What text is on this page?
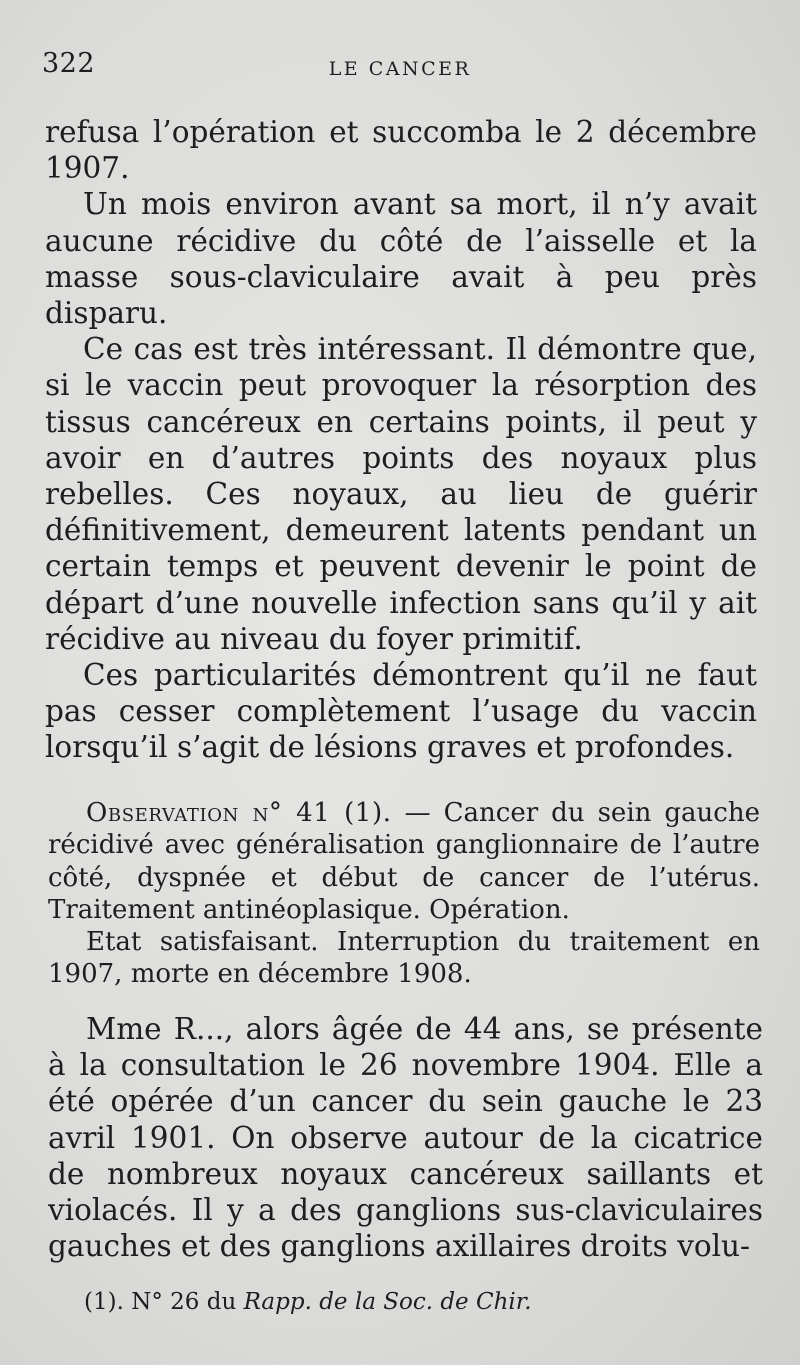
322	LE CANCER

refusa l’opération et succomba le 2 décembre 1907.

Un mois environ avant sa mort, il n’y avait aucune récidive du côté de l’aisselle et la masse sous-claviculaire avait à peu près disparu.

Ce cas est très intéressant. Il démontre que, si le vaccin peut provoquer la résorption des tissus cancéreux en certains points, il peut y avoir en d’autres points des noyaux plus rebelles. Ces noyaux, au lieu de guérir définitivement, demeurent latents pendant un certain temps et peuvent devenir le point de départ d’une nouvelle infection sans qu’il y ait récidive au niveau du foyer primitif.

Ces particularités démontrent qu’il ne faut pas cesser complètement l’usage du vaccin lorsqu’il s’agit de lésions graves et profondes.

Observation n° 41 (1). — Cancer du sein gauche récidivé avec généralisation ganglionnaire de l’autre côté, dyspnée et début de cancer de l’utérus. Traitement antinéoplasique. Opération.

Etat satisfaisant. Interruption du traitement en 1907, morte en décembre 1908.

Mme R..., alors âgée de 44 ans, se présente à la consultation le 26 novembre 1904. Elle a été opérée d’un cancer du sein gauche le 23 avril 1901. On observe autour de la cicatrice de nombreux noyaux cancéreux saillants et violacés. Il y a des ganglions sus-claviculaires gauches et des ganglions axillaires droits volu-

(1). N° 26 du Rapp. de la Soc. de Chir.
